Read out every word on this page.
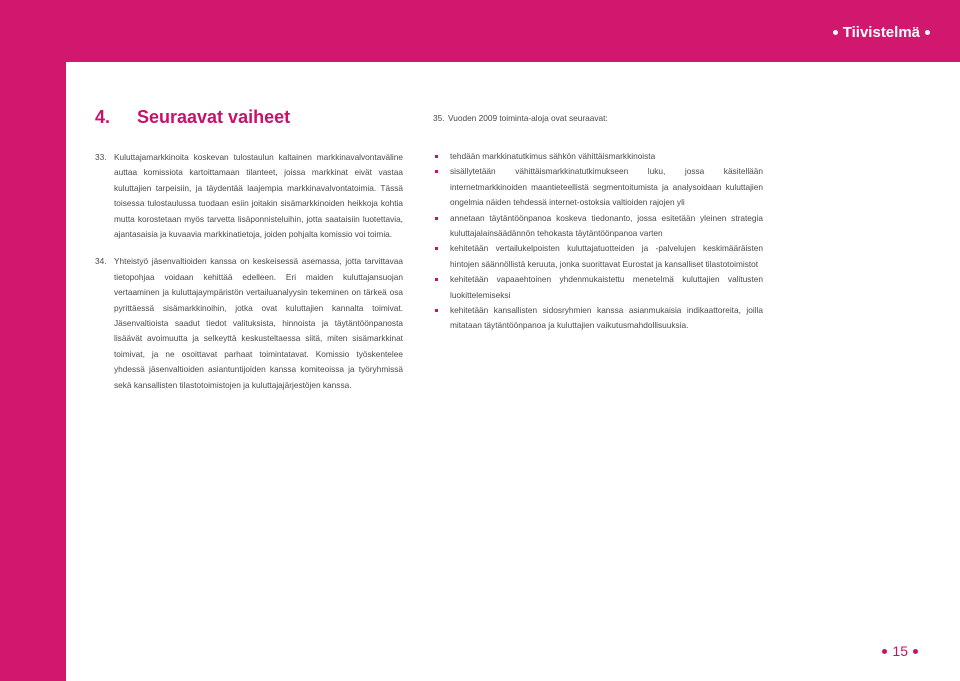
Tiivistelmä
4.	Seuraavat vaiheet
33. Kuluttajamarkkinoita koskevan tulostaulun kaltainen markkinavalvontaväline auttaa komissiota kartoittamaan tilanteet, joissa markkinat eivät vastaa kuluttajien tarpeisiin, ja täydentää laajempia markkinavalvontatoimia. Tässä toisessa tulostaulussa tuodaan esiin joitakin sisämarkkinoiden heikkoja kohtia mutta korostetaan myös tarvetta lisäponnisteluihin, jotta saataisiin luotettavia, ajantasaisia ja kuvaavia markkinatietoja, joiden pohjalta komissio voi toimia.
34. Yhteistyö jäsenvaltioiden kanssa on keskeisessä asemassa, jotta tarvittavaa tietopohjaa voidaan kehittää edelleen. Eri maiden kuluttajansuojan vertaaminen ja kuluttajaympäristön vertailuanalyysin tekeminen on tärkeä osa pyrittäessä sisämarkkinoihin, jotka ovat kuluttajien kannalta toimivat. Jäsenvaltioista saadut tiedot valituksista, hinnoista ja täytäntöönpanosta lisäävät avoimuutta ja selkeyttä keskusteltaessa siitä, miten sisämarkkinat toimivat, ja ne osoittavat parhaat toimintatavat. Komissio työskentelee yhdessä jäsenvaltioiden asiantuntijoiden kanssa komiteoissa ja työryhmissä sekä kansallisten tilastotoimistojen ja kuluttajajärjestöjen kanssa.
35. Vuoden 2009 toiminta-aloja ovat seuraavat:
tehdään markkinatutkimus sähkön vähittäismarkkinoista
sisällytetään vähittäismarkkinatutkimukseen luku, jossa käsitellään internetmarkkinoiden maantieteellistä segmentoitumista ja analysoidaan kuluttajien ongelmia näiden tehdessä internet-ostoksia valtioiden rajojen yli
annetaan täytäntöönpanoa koskeva tiedonanto, jossa esitetään yleinen strategia kuluttajalainsäädännön tehokasta täytäntöönpanoa varten
kehitetään vertailukelpoisten kuluttajatuotteiden ja -palvelujen keskimääräisten hintojen säännöllistä keruuta, jonka suorittavat Eurostat ja kansalliset tilastotoimistot
kehitetään vapaaehtoinen yhdenmukaistettu menetelmä kuluttajien valitusten luokittelemiseksi
kehitetään kansallisten sidosryhmien kanssa asianmukaisia indikaattoreita, joilla mitataan täytäntöönpanoa ja kuluttajien vaikutusmahdollisuuksia.
15
